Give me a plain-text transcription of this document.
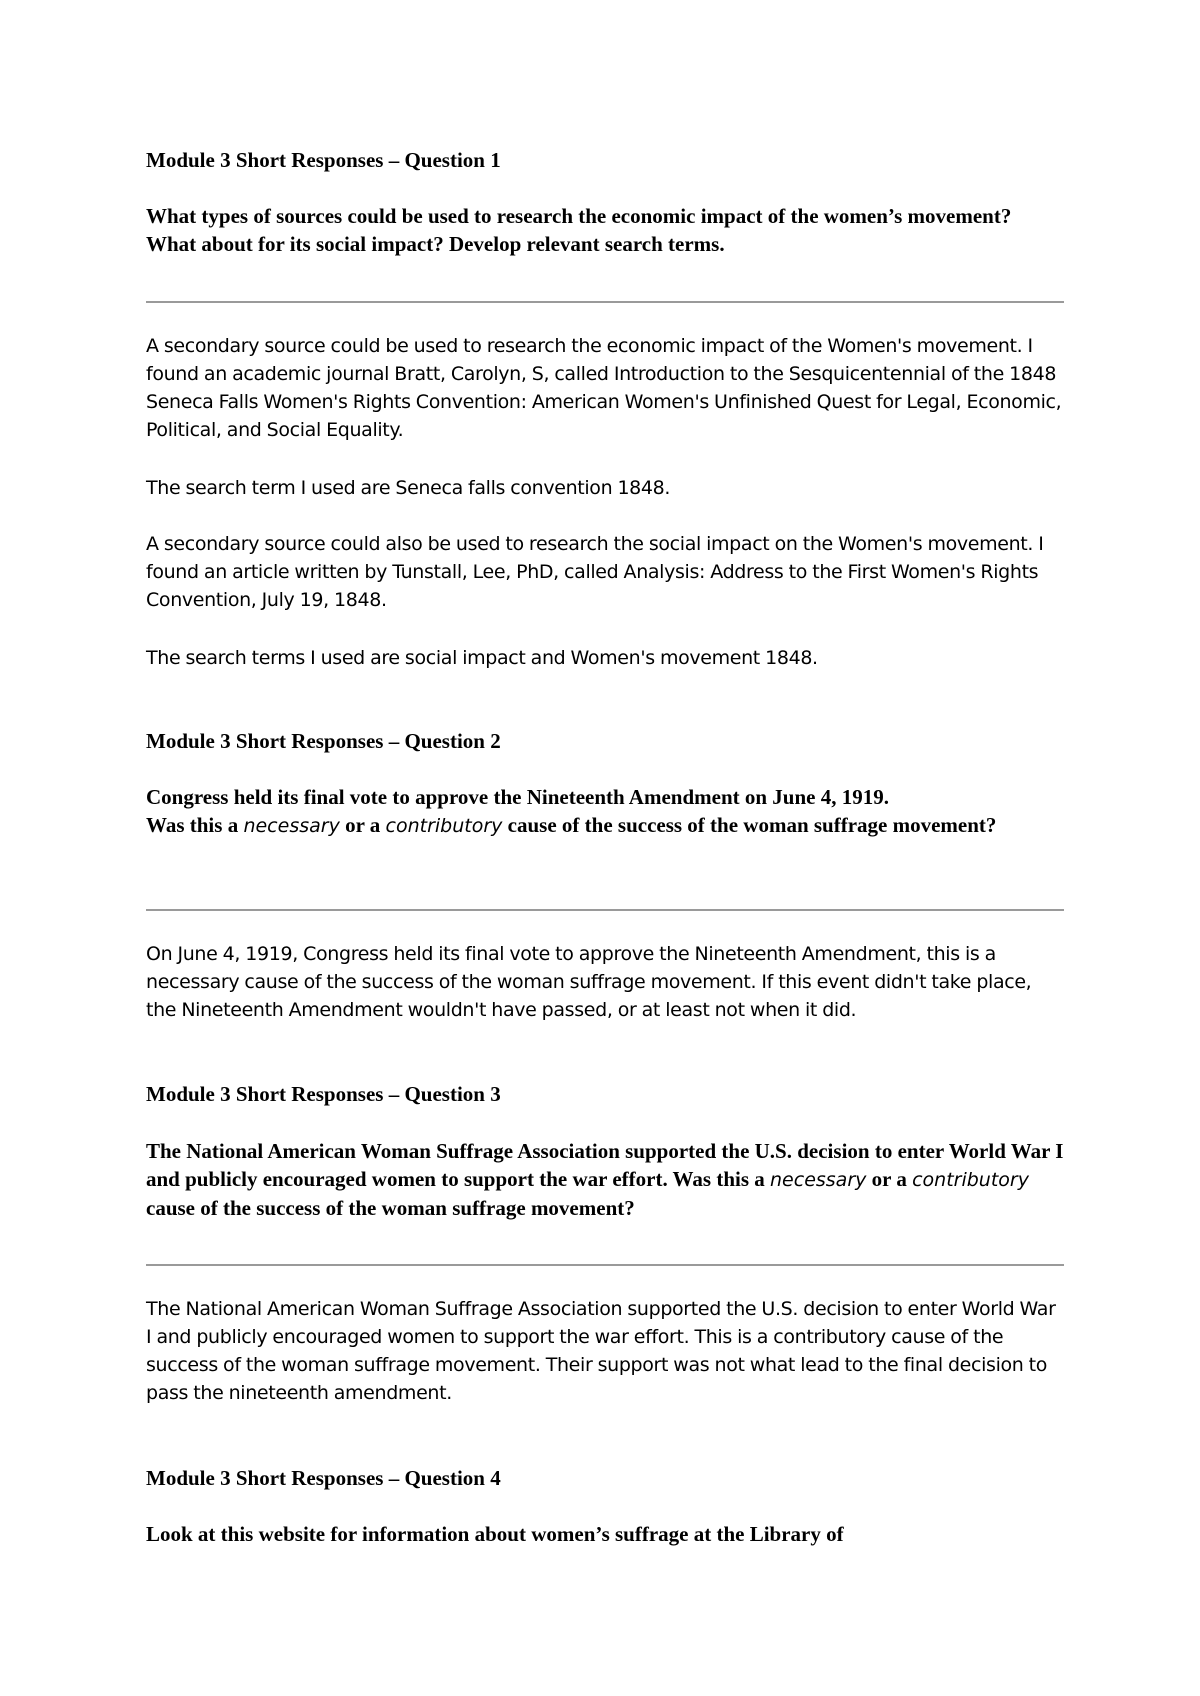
Module 3 Short Responses – Question 1

What types of sources could be used to research the economic impact of the women’s movement? What about for its social impact? Develop relevant search terms.

A secondary source could be used to research the economic impact of the Women's movement. I found an academic journal Bratt, Carolyn, S, called Introduction to the Sesquicentennial of the 1848 Seneca Falls Women's Rights Convention: American Women's Unfinished Quest for Legal, Economic, Political, and Social Equality.

The search term I used are Seneca falls convention 1848.

A secondary source could also be used to research the social impact on the Women's movement. I found an article written by Tunstall, Lee, PhD, called Analysis: Address to the First Women's Rights Convention, July 19, 1848.

The search terms I used are social impact and Women's movement 1848.

Module 3 Short Responses – Question 2

Congress held its final vote to approve the Nineteenth Amendment on June 4, 1919.
Was this a necessary or a contributory cause of the success of the woman suffrage movement?

On June 4, 1919, Congress held its final vote to approve the Nineteenth Amendment, this is a necessary cause of the success of the woman suffrage movement. If this event didn't take place, the Nineteenth Amendment wouldn't have passed, or at least not when it did.

Module 3 Short Responses – Question 3

The National American Woman Suffrage Association supported the U.S. decision to enter World War I and publicly encouraged women to support the war effort. Was this a necessary or a contributory cause of the success of the woman suffrage movement?

The National American Woman Suffrage Association supported the U.S. decision to enter World War I and publicly encouraged women to support the war effort. This is a contributory cause of the success of the woman suffrage movement. Their support was not what lead to the final decision to pass the nineteenth amendment.

Module 3 Short Responses – Question 4

Look at this website for information about women’s suffrage at the Library of
